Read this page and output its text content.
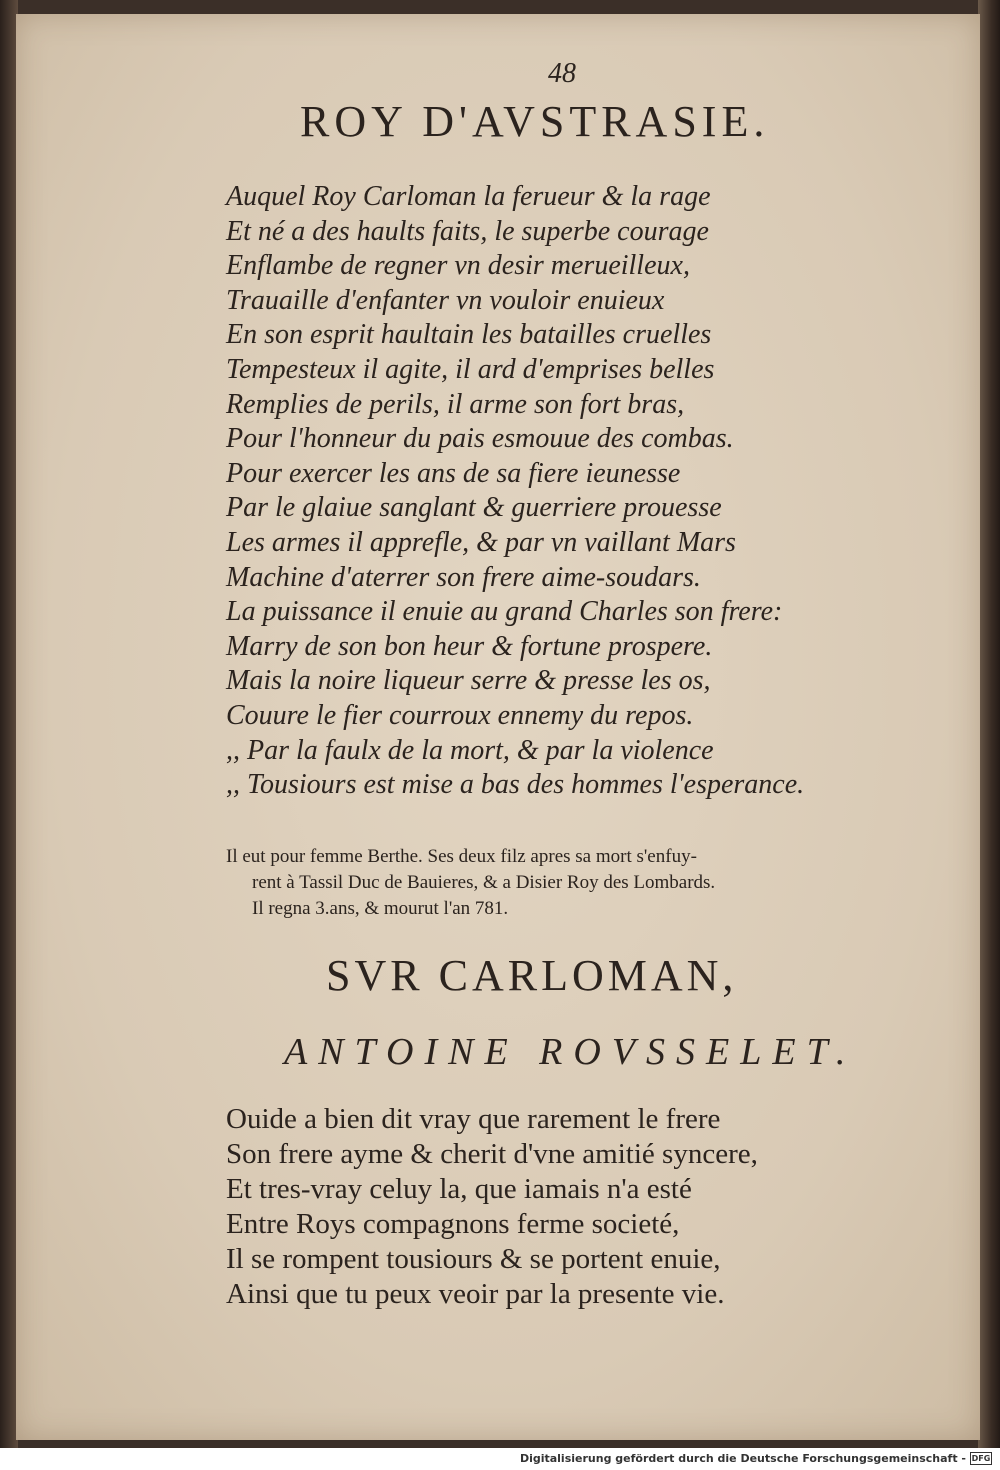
48
ROY D'AVSTRASIE.
Auquel Roy Carloman la ferueur & la rage
Et né a des haults faits, le superbe courage
Enflambe de regner vn desir merueilleux,
Trauaille d'enfanter vn vouloir enuieux
En son esprit haultain les batailles cruelles
Tempesteux il agite, il ard d'emprises belles
Remplies de perils, il arme son fort bras,
Pour l'honneur du pais esmouue des combas.
Pour exercer les ans de sa fiere ieunesse
Par le glaiue sanglant & guerriere prouesse
Les armes il apprefle, & par vn vaillant Mars
Machine d'aterrer son frere aime-soudars.
La puissance il enuie au grand Charles son frere:
Marry de son bon heur & fortune prospere.
Mais la noire liqueur serre & presse les os,
Couure le fier courroux ennemy du repos.
,, Par la faulx de la mort, & par la violence
,, Tousiours est mise a bas des hommes l'esperance.
Il eut pour femme Berthe. Ses deux filz apres sa mort s'enfuy-
rent à Tassil Duc de Bauieres, & a Disier Roy des Lombards.
Il regna 3.ans, & mourut l'an 781.
SVR CARLOMAN,
ANTOINE ROVSSELET.
Ouide a bien dit vray que rarement le frere
Son frere ayme & cherit d'vne amitié syncere,
Et tres-vray celuy la, que iamais n'a esté
Entre Roys compagnons ferme societé,
Il se rompent tousiours & se portent enuie,
Ainsi que tu peux veoir par la presente vie.
Digitalisierung gefördert durch die Deutsche Forschungsgemeinschaft - DFG
